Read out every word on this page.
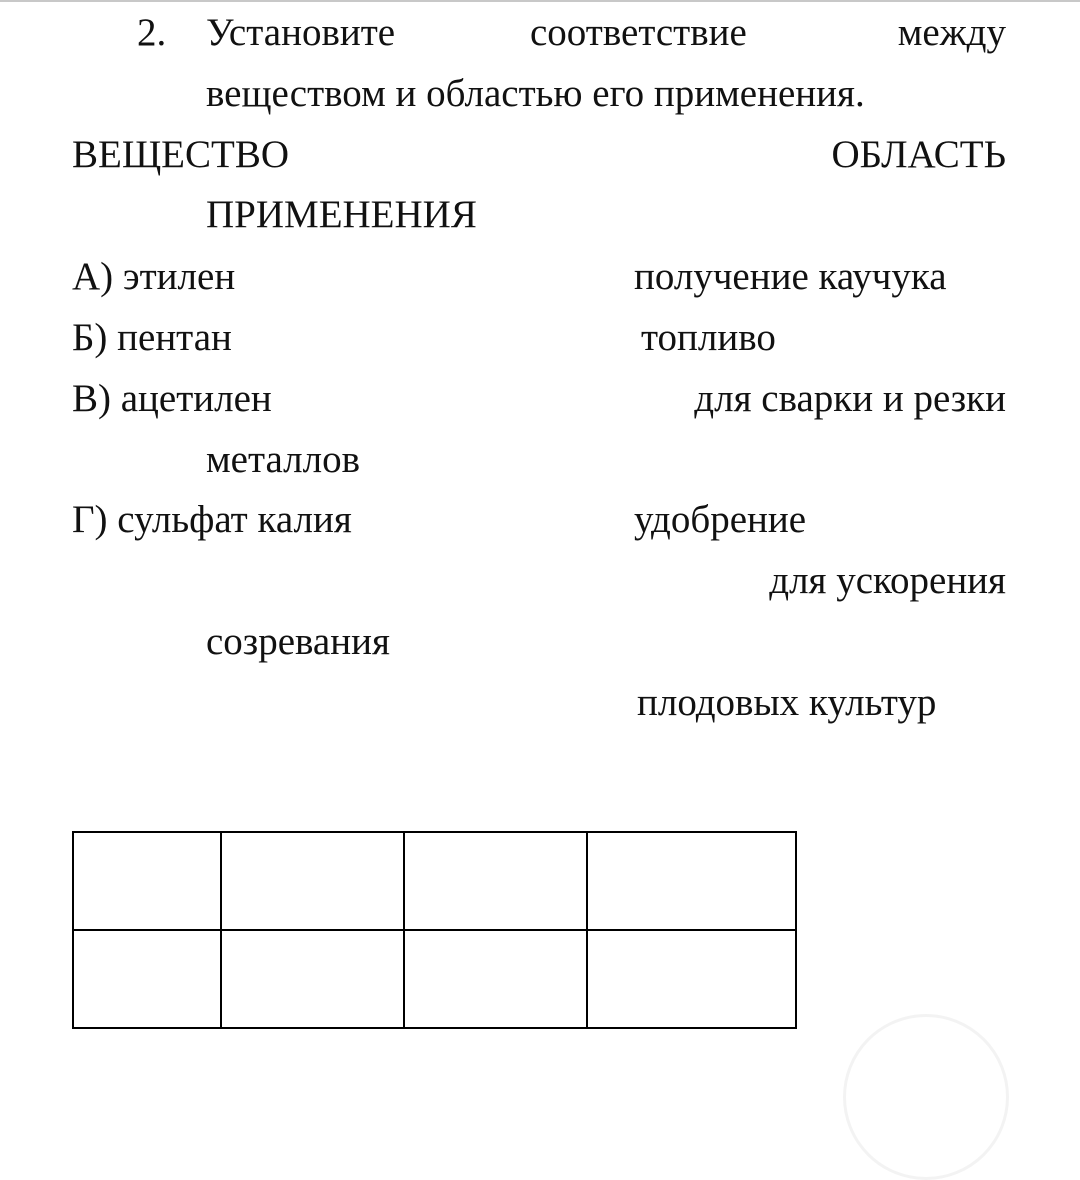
2. Установите	соответствие	между
веществом и областью его применения.
ВЕЩЕСТВО	ОБЛАСТЬ
ПРИМЕНЕНИЯ
А) этилен	получение каучука
Б) пентан	топливо
В) ацетилен	для сварки и резки
металлов
Г) сульфат калия	удобрение
для ускорения
созревания
плодовых культур
